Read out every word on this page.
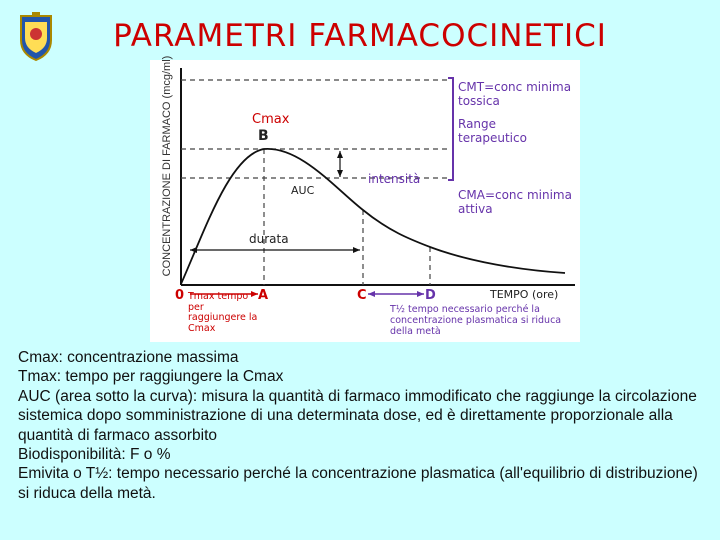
PARAMETRI FARMACOCINETICI
CONCENTRAZIONE DI FARMACO (mcg/ml)	Cmax
B
AUC
durata
intensità
CMT=conc minima tossica
Range terapeutico
CMA=conc minima attiva
0	A	C	D	TEMPO (ore)
Tmax tempo per raggiungere la Cmax
T½ tempo necessario perché la concentrazione plasmatica si riduca della metà
Cmax: concentrazione massima
Tmax: tempo per raggiungere la Cmax
AUC (area sotto la curva): misura la quantità di farmaco immodificato che raggiunge la circolazione sistemica dopo somministrazione di una determinata dose, ed è direttamente proporzionale alla quantità di farmaco assorbito
Biodisponibilità: F o %
Emivita o T½: tempo necessario perché la concentrazione plasmatica (all'equilibrio di distribuzione) si riduca della metà.
